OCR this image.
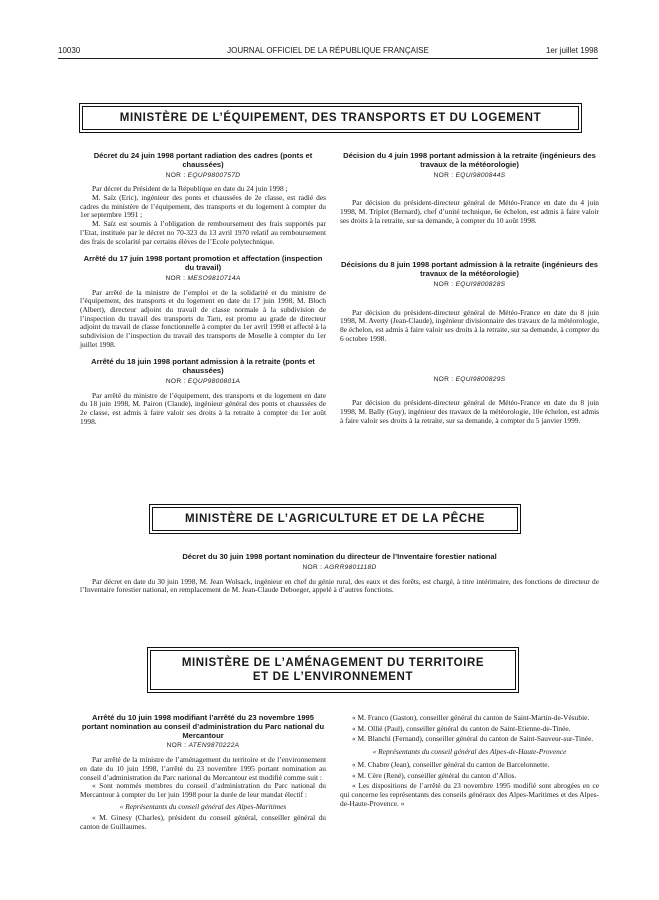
10030	JOURNAL OFFICIEL DE LA RÉPUBLIQUE FRANÇAISE	1er juillet 1998
MINISTÈRE DE L’ÉQUIPEMENT, DES TRANSPORTS ET DU LOGEMENT
Décret du 24 juin 1998 portant radiation des cadres (ponts et chaussées)
NOR : EQUP9800757D

Par décret du Président de la République en date du 24 juin 1998 ;

M. Saïz (Eric), ingénieur des ponts et chaussées de 2e classe, est radié des cadres du ministère de l’équipement, des transports et du logement à compter du 1er septembre 1991 ;

M. Saïz est soumis à l’obligation de remboursement des frais supportés par l’Etat, instituée par le décret no 70-323 du 13 avril 1970 relatif au remboursement des frais de scolarité par certains élèves de l’Ecole polytechnique.

Arrêté du 17 juin 1998 portant promotion et affectation (inspection du travail)
NOR : MESO9810714A

Par arrêté de la ministre de l’emploi et de la solidarité et du ministre de l’équipement, des transports et du logement en date du 17 juin 1998, M. Bloch (Albert), directeur adjoint du travail de classe normale à la subdivision de l’inspection du travail des transports du Tarn, est promu au grade de directeur adjoint du travail de classe fonctionnelle à compter du 1er avril 1998 et affecté à la subdivision de l’inspection du travail des transports de Moselle à compter du 1er juillet 1998.

Arrêté du 18 juin 1998 portant admission à la retraite (ponts et chaussées)
NOR : EQUP9800801A

Par arrêté du ministre de l’équipement, des transports et du logement en date du 18 juin 1998, M. Pairon (Claude), ingénieur général des ponts et chaussées de 2e classe, est admis à faire valoir ses droits à la retraite à compter du 1er août 1998.

Décision du 4 juin 1998 portant admission à la retraite (ingénieurs des travaux de la météorologie)
NOR : EQUI9800844S

Par décision du président-directeur général de Météo-France en date du 4 juin 1998, M. Triplet (Bernard), chef d’unité technique, 6e échelon, est admis à faire valoir ses droits à la retraite, sur sa demande, à compter du 10 août 1998.

Décisions du 8 juin 1998 portant admission à la retraite (ingénieurs des travaux de la météorologie)
NOR : EQUI9800828S

Par décision du président-directeur général de Météo-France en date du 8 juin 1998, M. Averty (Jean-Claude), ingénieur divisionnaire des travaux de la météorologie, 8e échelon, est admis à faire valoir ses droits à la retraite, sur sa demande, à compter du 6 octobre 1998.

NOR : EQUI9800829S

Par décision du président-directeur général de Météo-France en date du 8 juin 1998, M. Bally (Guy), ingénieur des travaux de la météorologie, 10e échelon, est admis à faire valoir ses droits à la retraite, sur sa demande, à compter du 5 janvier 1999.

MINISTÈRE DE L’AGRICULTURE ET DE LA PÊCHE
Décret du 30 juin 1998 portant nomination du directeur de l’Inventaire forestier national
NOR : AGRR9801118D

Par décret en date du 30 juin 1998, M. Jean Wolsack, ingénieur en chef du génie rural, des eaux et des forêts, est chargé, à titre intérimaire, des fonctions de directeur de l’Inventaire forestier national, en remplacement de M. Jean-Claude Deboeger, appelé à d’autres fonctions.

MINISTÈRE DE L’AMÉNAGEMENT DU TERRITOIRE
ET DE L’ENVIRONNEMENT
Arrêté du 10 juin 1998 modifiant l’arrêté du 23 novembre 1995 portant nomination au conseil d’administration du Parc national du Mercantour
NOR : ATEN9870222A

Par arrêté de la ministre de l’aménagement du territoire et de l’environnement en date du 10 juin 1998, l’arrêté du 23 novembre 1995 portant nomination au conseil d’administration du Parc national du Mercantour est modifié comme suit :

« Sont nommés membres du conseil d’administration du Parc national du Mercantour à compter du 1er juin 1998 pour la durée de leur mandat électif :

« Représentants du conseil général des Alpes-Maritimes

« M. Ginesy (Charles), président du conseil général, conseiller général du canton de Guillaumes.

« M. Franco (Gaston), conseiller général du canton de Saint-Martin-de-Vésubie.

« M. Ollié (Paul), conseiller général du canton de Saint-Etienne-de-Tinée.

« M. Blanchi (Fernand), conseiller général du canton de Saint-Sauveur-sur-Tinée.

« Représentants du conseil général des Alpes-de-Haute-Provence

« M. Chabre (Jean), conseiller général du canton de Barcelonnette.

« M. Cère (René), conseiller général du canton d’Allos.

« Les dispositions de l’arrêté du 23 novembre 1995 modifié sont abrogées en ce qui concerne les représentants des conseils généraux des Alpes-Maritimes et des Alpes-de-Haute-Provence. »
